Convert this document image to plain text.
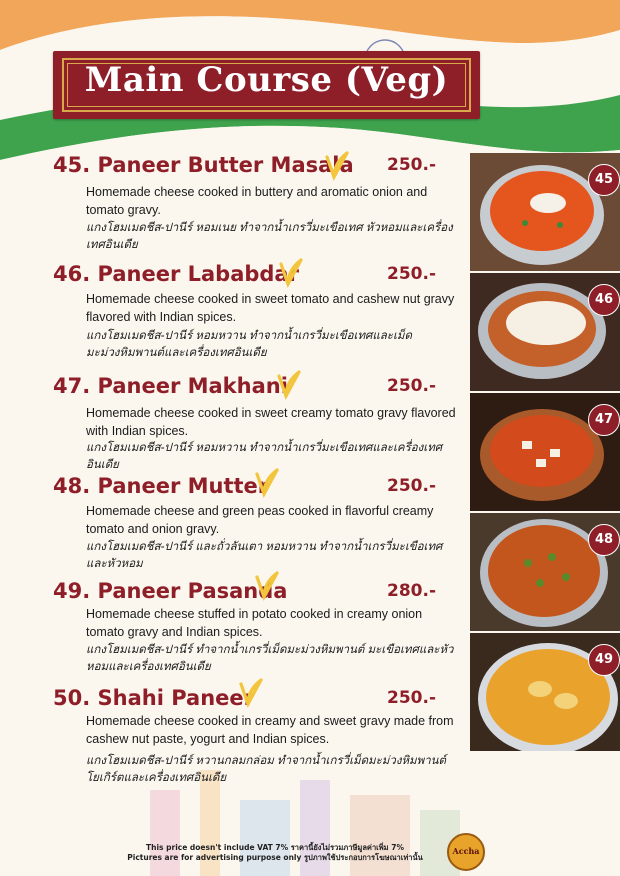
Main Course (Veg)
45. Paneer Butter Masala 250.-
Homemade cheese cooked in buttery and aromatic onion and tomato gravy.
แกงโฮมเมดชีส-ปานีร์ หอมเนย ทำจากน้ำเกรวี่มะเขือเทศ หัวหอมและเครื่องเทศอินเดีย
46. Paneer Lababdar	250.-
Homemade cheese cooked in sweet tomato and cashew nut gravy flavored with Indian spices.
แกงโฮมเมดชีส-ปานีร์ หอมหวาน ทำจากน้ำเกรวี่มะเขือเทศและเม็ดมะม่วงหิมพานต์และเครื่องเทศอินเดีย
47. Paneer Makhani	250.-
Homemade cheese cooked in sweet creamy tomato gravy flavored with Indian spices.
แกงโฮมเมดชีส-ปานีร์ หอมหวาน ทำจากน้ำเกรวี่มะเขือเทศและเครื่องเทศอินเดีย
48. Paneer Mutter	250.-
Homemade cheese and green peas cooked in flavorful creamy tomato and onion gravy.
แกงโฮมเมดชีส-ปานีร์ และถั่วลันเตา หอมหวาน ทำจากน้ำเกรวี่มะเขือเทศและหัวหอม
49. Paneer Pasanda	280.-
Homemade cheese stuffed in potato cooked in creamy onion tomato gravy and Indian spices.
แกงโฮมเมดชีส-ปานีร์ ทำจากน้ำเกรวี่เม็ดมะม่วงหิมพานต์ มะเขือเทศและหัวหอมและเครื่องเทศอินเดีย
50. Shahi Paneer	250.-
Homemade cheese cooked in creamy and sweet gravy made from cashew nut paste, yogurt and Indian spices.
แกงโฮมเมดชีส-ปานีร์ หวานกลมกล่อม ทำจากน้ำเกรวี่เม็ดมะม่วงหิมพานต์ โยเกิร์ตและเครื่องเทศอินเดีย
45
46
47
48
49
This price doesn't include VAT 7% ราคานี้ยังไม่รวมภาษีมูลค่าเพิ่ม 7%
Pictures are for advertising purpose only รูปภาพใช้ประกอบการโฆษณาเท่านั้น
Accha
